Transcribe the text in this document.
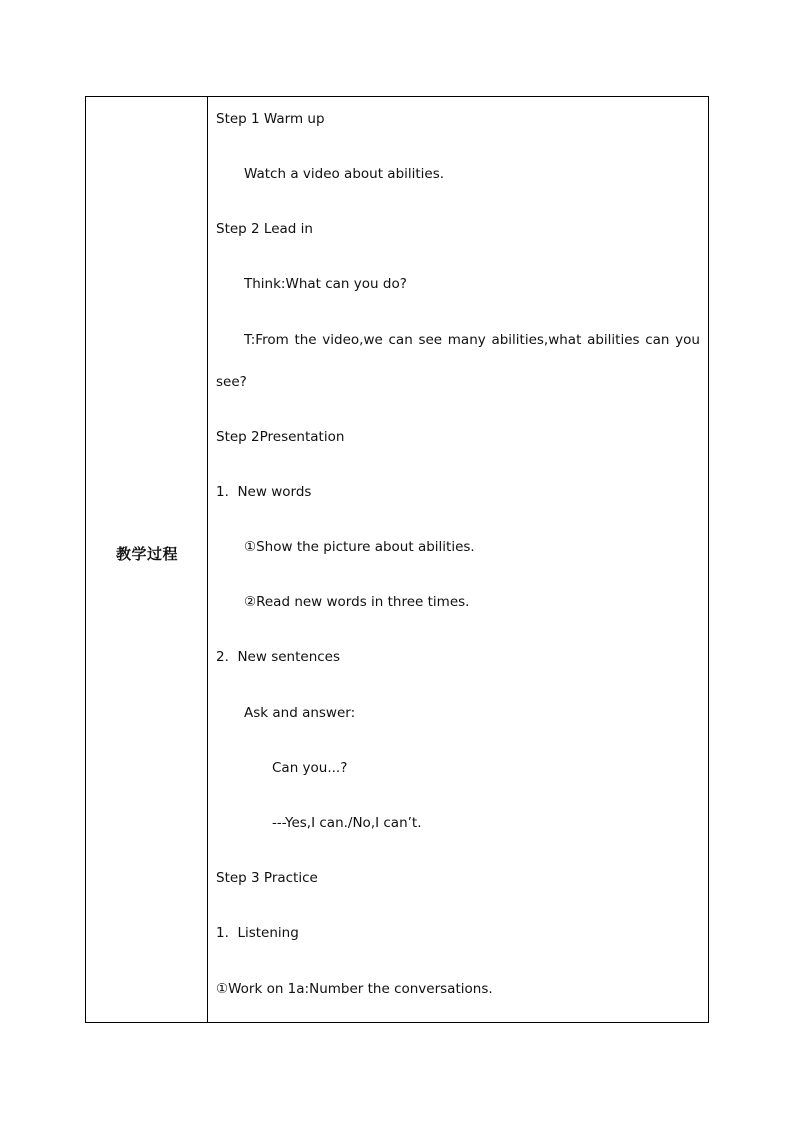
教学过程
Step 1 Warm up
Watch a video about abilities.
Step 2 Lead in
Think:What can you do?
T:From the video,we can see many abilities,what abilities can you
see?
Step 2Presentation
1.  New words
①Show the picture about abilities.
②Read new words in three times.
2.  New sentences
Ask and answer:
Can you...?
---Yes,I can./No,I can’t.
Step 3 Practice
1.  Listening
①Work on 1a:Number the conversations.
